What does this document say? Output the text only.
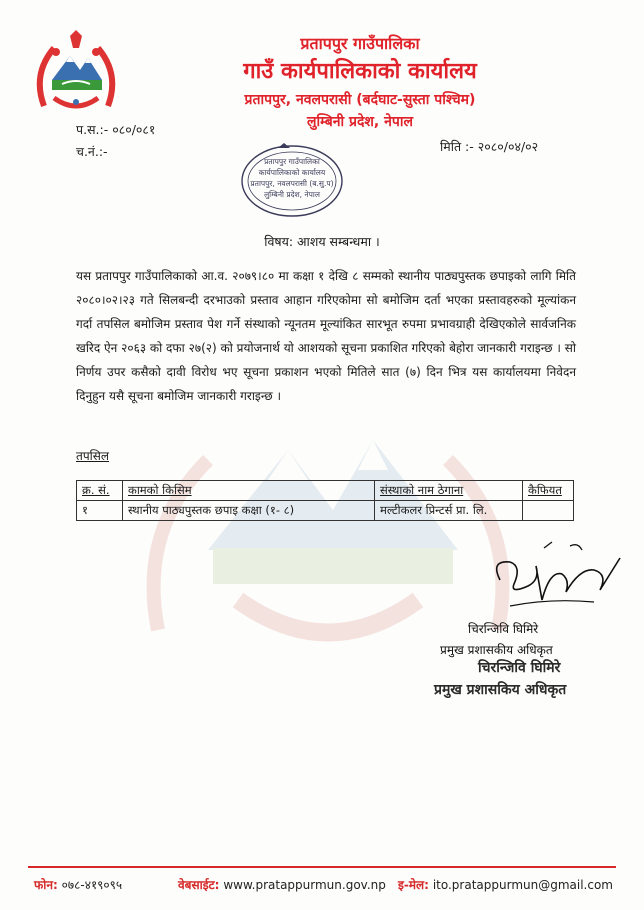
प्रतापपुर गाउँपालिका
गाउँ कार्यपालिकाको कार्यालय
प्रतापपुर, नवलपरासी (बर्दघाट-सुस्ता पश्चिम)
लुम्बिनी प्रदेश, नेपाल
प.स.:- ०८०/०८१
च.नं.:-	मिति :- २०८०/०४/०२
प्रतापपुर गाउँपालिका
कार्यपालिकाको कार्यालय
प्रतापपुर, नवलपरासी (ब.सु.प)
लुम्बिनी प्रदेश, नेपाल
विषय: आशय सम्बन्धमा ।

यस प्रतापपुर गाउँपालिकाको आ.व. २०७९।८० मा कक्षा १ देखि ८ सम्मको स्थानीय पाठ्यपुस्तक छपाइको लागि मिति २०८०।०२।२३ गते सिलबन्दी दरभाउको प्रस्ताव आहान गरिएकोमा सो बमोजिम दर्ता भएका प्रस्तावहरुको मूल्यांकन गर्दा तपसिल बमोजिम प्रस्ताव पेश गर्ने संस्थाको न्यूनतम मूल्यांकित सारभूत रुपमा प्रभावग्राही देखिएकोले सार्वजनिक खरिद ऐन २०६३ को दफा २७(२) को प्रयोजनार्थ यो आशयको सूचना प्रकाशित गरिएको बेहोरा जानकारी गराइन्छ । सो निर्णय उपर कसैको दावी विरोध भए सूचना प्रकाशन भएको मितिले सात (७) दिन भित्र यस कार्यालयमा निवेदन दिनुहुन यसै सूचना बमोजिम जानकारी गराइन्छ ।

तपसिल
क्र. सं.	कामको किसिम	संस्थाको नाम ठेगाना	कैफियत
१	स्थानीय पाठ्यपुस्तक छपाइ कक्षा (१- ८)	मल्टीकलर प्रिन्टर्स प्रा. लि.	
चिरन्जिवि घिमिरे
प्रमुख प्रशासकीय अधिकृत
चिरन्जिवि घिमिरे
प्रमुख प्रशासकिय अधिकृत
फोन: ०७८-४१९०९५	वेबसाईट: www.pratappurmun.gov.np इ-मेल: ito.pratappurmun@gmail.com
